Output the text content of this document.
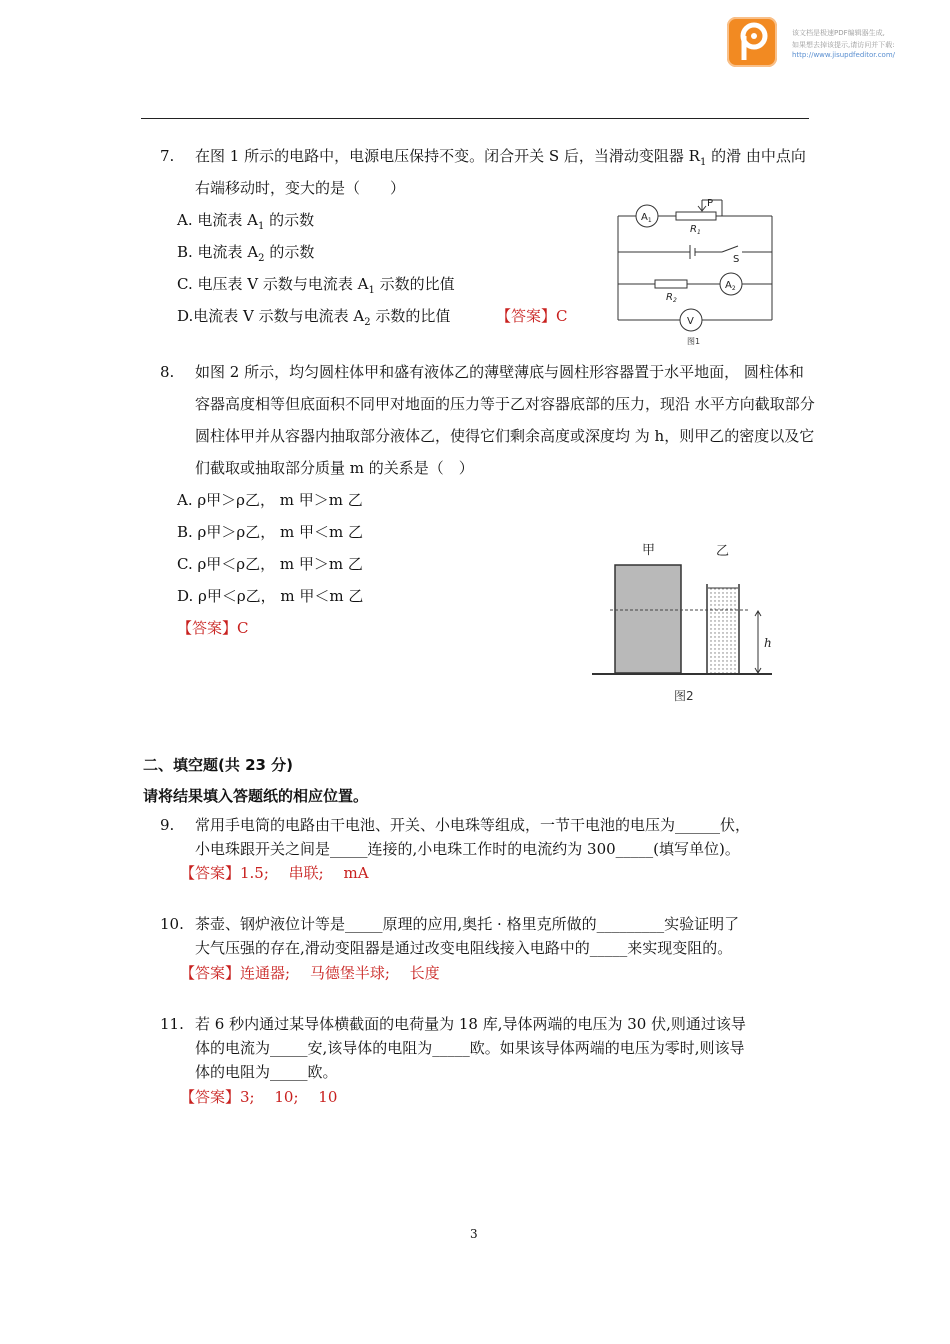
该文档是极速PDF编辑器生成,
如果想去掉该提示,请访问并下载:
http://www.jisupdfeditor.com/
7. 在图 1 所示的电路中，电源电压保持不变。闭合开关 S 后，当滑动变阻器 $R_1$ 的滑 由中点向
右端移动时，变大的是（　　）
A. 电流表 $A_1$ 的示数
B. 电流表 $A_2$ 的示数
C. 电压表 V 示数与电流表 $A_1$ 示数的比值
D.电流表 V 示数与电流表 $A_2$ 示数的比值	【答案】C
$A_1$
$A_2$
V
P
S
$R_1$
$R_2$
图1
8. 如图 2 所示，均匀圆柱体甲和盛有液体乙的薄壁薄底与圆柱形容器置于水平地面， 圆柱体和
容器高度相等但底面积不同甲对地面的压力等于乙对容器底部的压力，现沿 水平方向截取部分
圆柱体甲并从容器内抽取部分液体乙，使得它们剩余高度或深度均 为 h，则甲乙的密度以及它
们截取或抽取部分质量 m 的关系是（　）
A. ρ甲＞ρ乙， m 甲＞m 乙
B. ρ甲＞ρ乙， m 甲＜m 乙
C. ρ甲＜ρ乙， m 甲＞m 乙
D. ρ甲＜ρ乙， m 甲＜m 乙
【答案】C
甲	乙
h
图2
二、填空题(共 23 分)
请将结果填入答题纸的相应位置。
9. 常用手电筒的电路由干电池、开关、小电珠等组成，一节干电池的电压为______伏，
小电珠跟开关之间是_____连接的,小电珠工作时的电流约为 300_____(填写单位)。
【答案】1.5;　 串联;　 mA
10. 茶壶、钢炉液位计等是_____原理的应用,奥托 · 格里克所做的_________实验证明了
大气压强的存在,滑动变阻器是通过改变电阻线接入电路中的_____来实现变阻的。
【答案】连通器;　 马德堡半球;　 长度
11. 若 6 秒内通过某导体横截面的电荷量为 18 库,导体两端的电压为 30 伏,则通过该导
体的电流为_____安,该导体的电阻为_____欧。如果该导体两端的电压为零时,则该导
体的电阻为_____欧。
【答案】3;　 10;　 10
3
